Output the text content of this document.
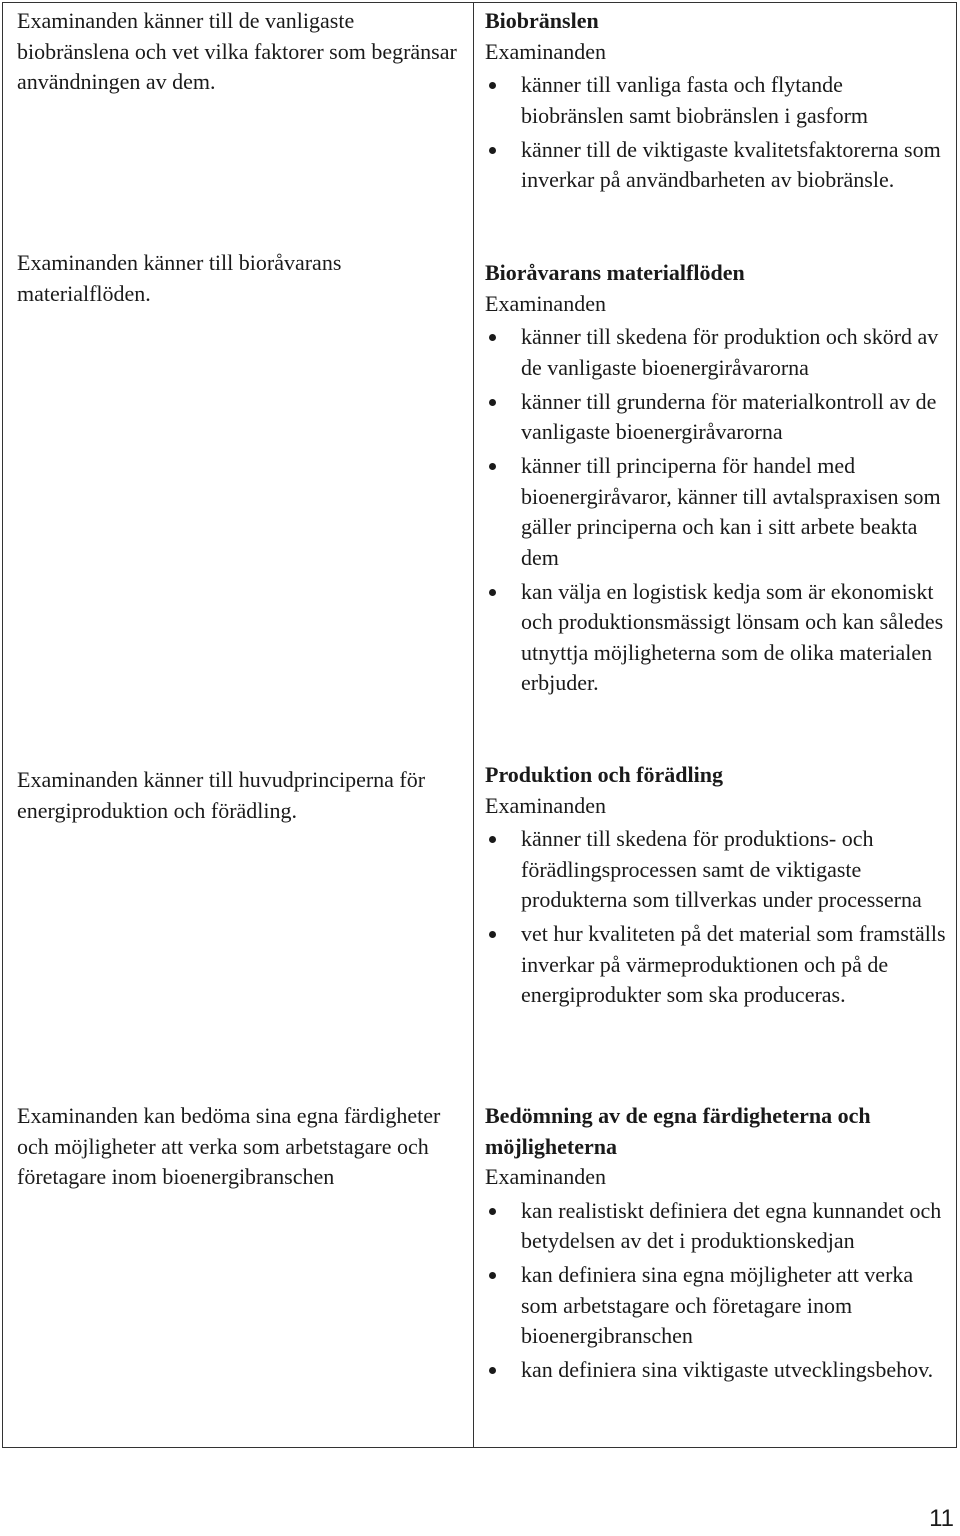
Examinanden känner till de vanligaste biobränslena och vet vilka faktorer som begränsar användningen av dem.
Examinanden känner till bioråvarans materialflöden.
Examinanden känner till huvudprinciperna för energiproduktion och förädling.
Examinanden kan bedöma sina egna färdigheter och möjligheter att verka som arbetstagare och företagare inom bioenergibranschen
Biobränslen
Examinanden
känner till vanliga fasta och flytande biobränslen samt biobränslen i gasform
känner till de viktigaste kvalitetsfaktorerna som inverkar på användbarheten av biobränsle.
Bioråvarans materialflöden
Examinanden
känner till skedena för produktion och skörd av de vanligaste bioenergiråvarorna
känner till grunderna för materialkontroll av de vanligaste bioenergiråvarorna
känner till principerna för handel med bioenergiråvaror, känner till avtalspraxisen som gäller principerna och kan i sitt arbete beakta dem
kan välja en logistisk kedja som är ekonomiskt och produktionsmässigt lönsam och kan således utnyttja möjligheterna som de olika materialen erbjuder.
Produktion och förädling
Examinanden
känner till skedena för produktions- och förädlingsprocessen samt de viktigaste produkterna som tillverkas under processerna
vet hur kvaliteten på det material som framställs inverkar på värmeproduktionen och på de energiprodukter som ska produceras.
Bedömning av de egna färdigheterna och möjligheterna
Examinanden
kan realistiskt definiera det egna kunnandet och betydelsen av det i produktionskedjan
kan definiera sina egna möjligheter att verka som arbetstagare och företagare inom bioenergibranschen
kan definiera sina viktigaste utvecklingsbehov.
11
